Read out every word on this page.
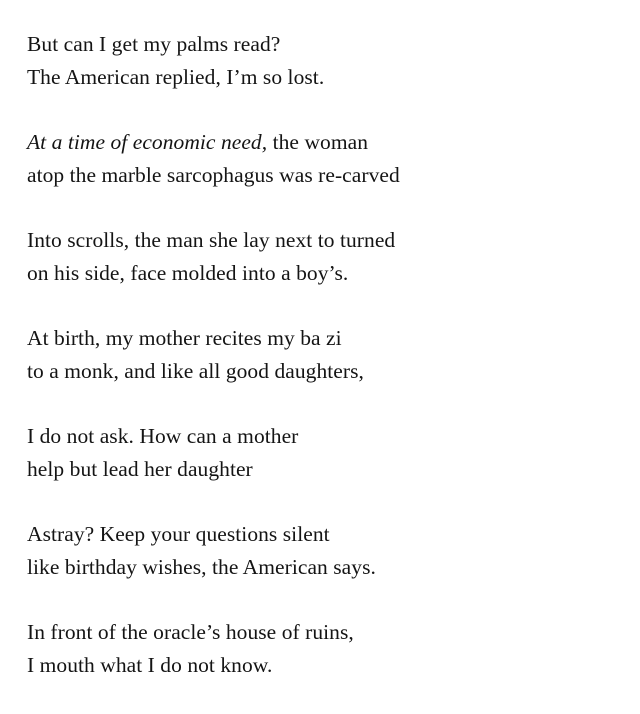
But can I get my palms read?
The American replied, I’m so lost.
At a time of economic need, the woman
atop the marble sarcophagus was re-carved
Into scrolls, the man she lay next to turned
on his side, face molded into a boy’s.
At birth, my mother recites my ba zi
to a monk, and like all good daughters,
I do not ask. How can a mother
help but lead her daughter
Astray? Keep your questions silent
like birthday wishes, the American says.
In front of the oracle’s house of ruins,
I mouth what I do not know.
